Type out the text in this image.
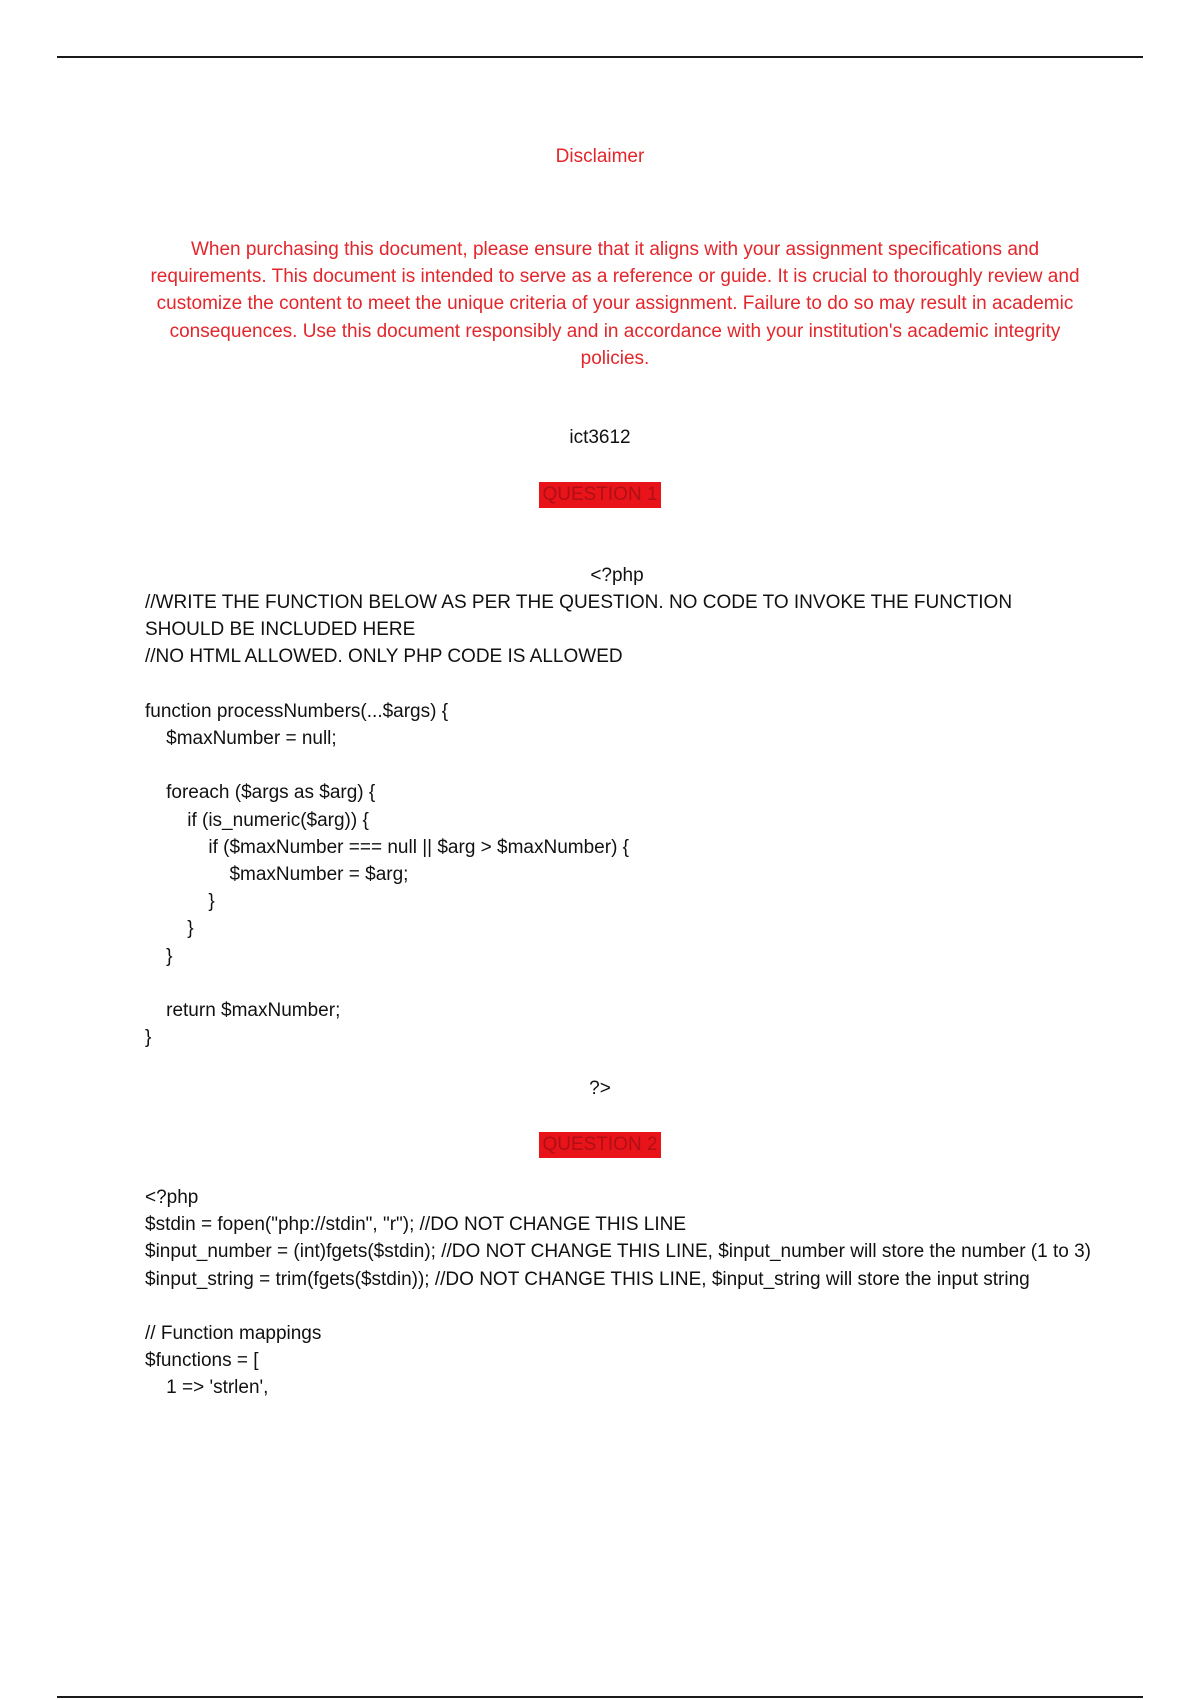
Disclaimer
When purchasing this document, please ensure that it aligns with your assignment specifications and requirements. This document is intended to serve as a reference or guide. It is crucial to thoroughly review and customize the content to meet the unique criteria of your assignment. Failure to do so may result in academic consequences. Use this document responsibly and in accordance with your institution's academic integrity policies.
ict3612
QUESTION 1
<?php
//WRITE THE FUNCTION BELOW AS PER THE QUESTION. NO CODE TO INVOKE THE FUNCTION SHOULD BE INCLUDED HERE
//NO HTML ALLOWED. ONLY PHP CODE IS ALLOWED

function processNumbers(...$args) {
$maxNumber = null;

foreach ($args as $arg) {
if (is_numeric($arg)) {
if ($maxNumber === null || $arg > $maxNumber) {
$maxNumber = $arg;
}
}
}

return $maxNumber;
}
?>
QUESTION 2
<?php
$stdin = fopen("php://stdin", "r"); //DO NOT CHANGE THIS LINE
$input_number = (int)fgets($stdin); //DO NOT CHANGE THIS LINE, $input_number will store the number (1 to 3)
$input_string = trim(fgets($stdin)); //DO NOT CHANGE THIS LINE, $input_string will store the input string

// Function mappings
$functions = [
1 => 'strlen',
